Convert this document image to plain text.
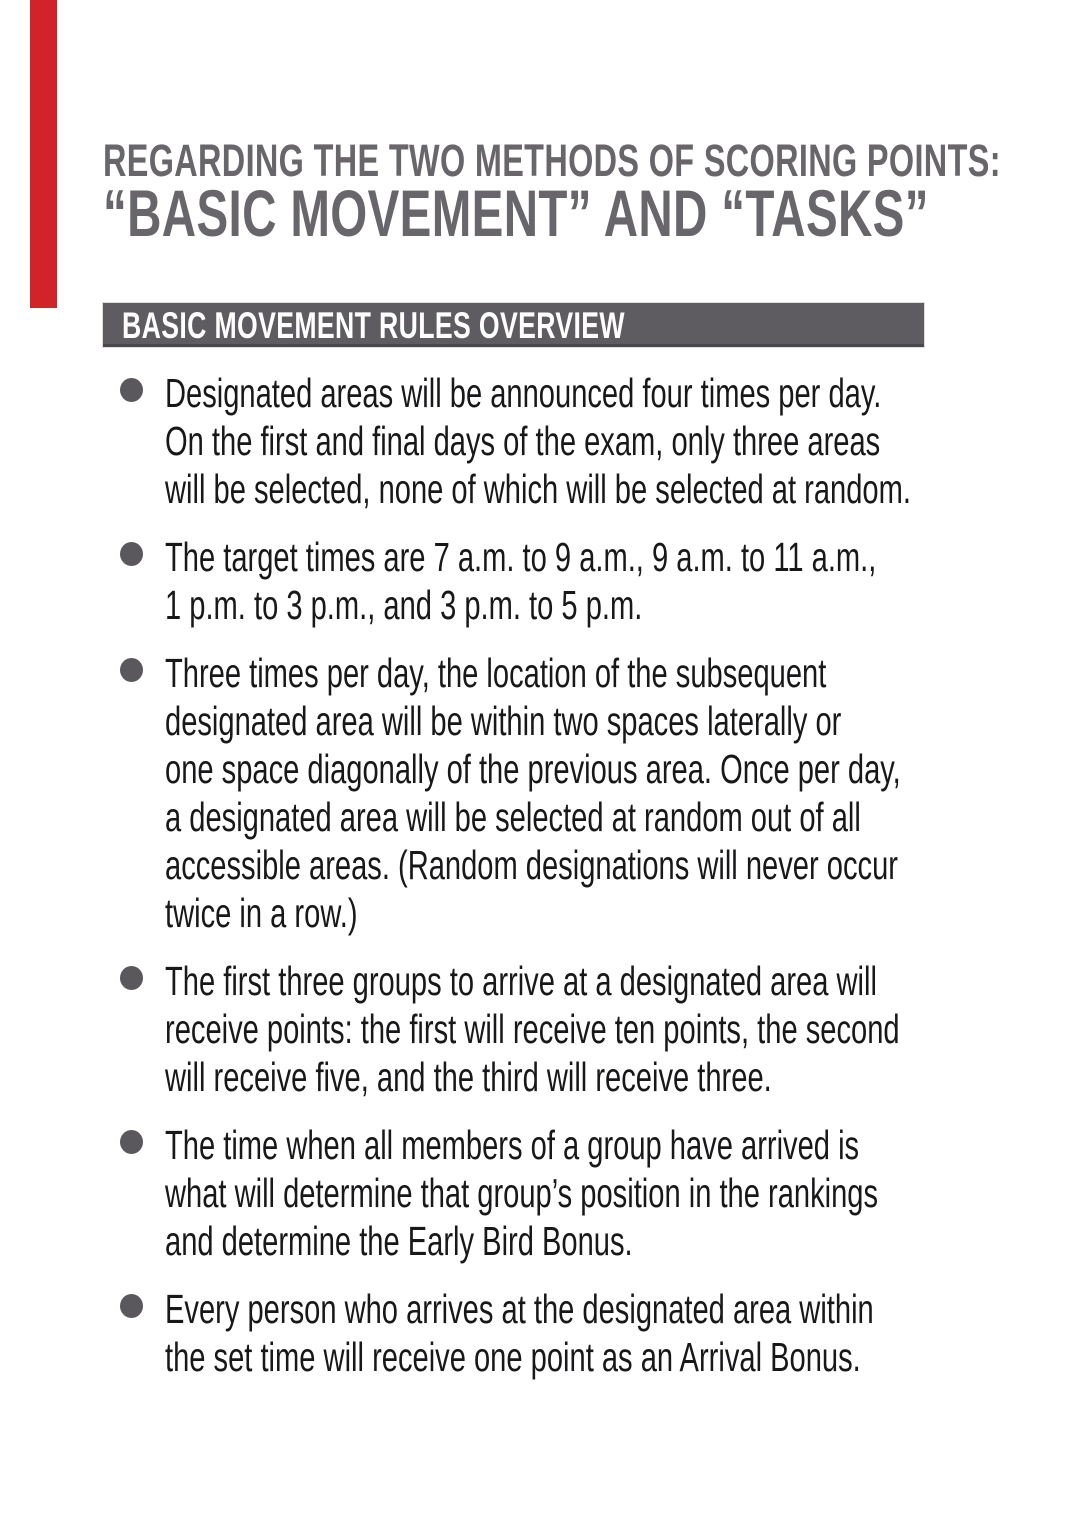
REGARDING THE TWO METHODS OF SCORING POINTS:
“BASIC MOVEMENT” AND “TASKS”
BASIC MOVEMENT RULES OVERVIEW
Designated areas will be announced four times per day.
On the first and final days of the exam, only three areas
will be selected, none of which will be selected at random.
The target times are 7 a.m. to 9 a.m., 9 a.m. to 11 a.m.,
1 p.m. to 3 p.m., and 3 p.m. to 5 p.m.
Three times per day, the location of the subsequent
designated area will be within two spaces laterally or
one space diagonally of the previous area. Once per day,
a designated area will be selected at random out of all
accessible areas. (Random designations will never occur
twice in a row.)
The first three groups to arrive at a designated area will
receive points: the first will receive ten points, the second
will receive five, and the third will receive three.
The time when all members of a group have arrived is
what will determine that group’s position in the rankings
and determine the Early Bird Bonus.
Every person who arrives at the designated area within
the set time will receive one point as an Arrival Bonus.
